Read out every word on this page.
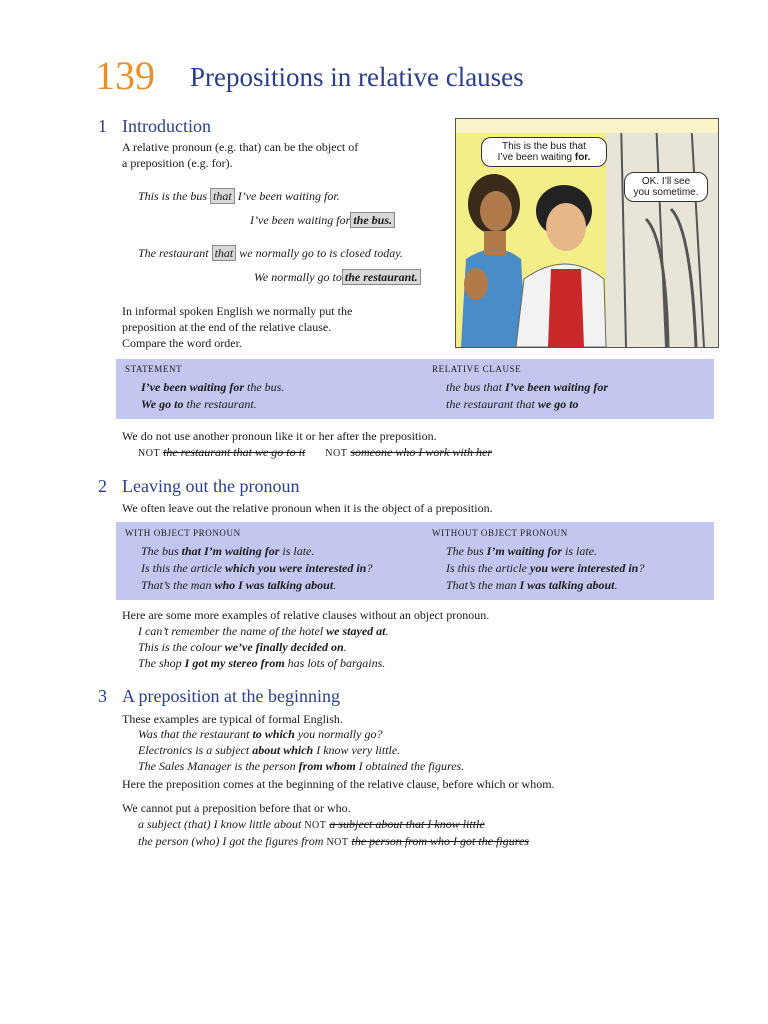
139 Prepositions in relative clauses
1 Introduction
A relative pronoun (e.g. that) can be the object of
a preposition (e.g. for).
This is the bus that I’ve been waiting for.
I’ve been waiting for the bus.
The restaurant that we normally go to is closed today.
We normally go to the restaurant.
In informal spoken English we normally put the
preposition at the end of the relative clause.
Compare the word order.
This is the bus that
I’ve been waiting for.
OK. I’ll see
you sometime.
STATEMENT	RELATIVE CLAUSE
I’ve been waiting for the bus.
We go to the restaurant.
the bus that I’ve been waiting for
the restaurant that we go to
We do not use another pronoun like it or her after the preposition.
NOT the restaurant that we go to it NOT someone who I work with her
2 Leaving out the pronoun
We often leave out the relative pronoun when it is the object of a preposition.
WITH OBJECT PRONOUN	WITHOUT OBJECT PRONOUN
The bus that I’m waiting for is late.
Is this the article which you were interested in?
That’s the man who I was talking about.
The bus I’m waiting for is late.
Is this the article you were interested in?
That’s the man I was talking about.
Here are some more examples of relative clauses without an object pronoun.
I can’t remember the name of the hotel we stayed at.
This is the colour we’ve finally decided on.
The shop I got my stereo from has lots of bargains.
3 A preposition at the beginning
These examples are typical of formal English.
Was that the restaurant to which you normally go?
Electronics is a subject about which I know very little.
The Sales Manager is the person from whom I obtained the figures.
Here the preposition comes at the beginning of the relative clause, before which or whom.
We cannot put a preposition before that or who.
a subject (that) I know little about NOT a subject about that I know little
the person (who) I got the figures from NOT the person from who I got the figures
